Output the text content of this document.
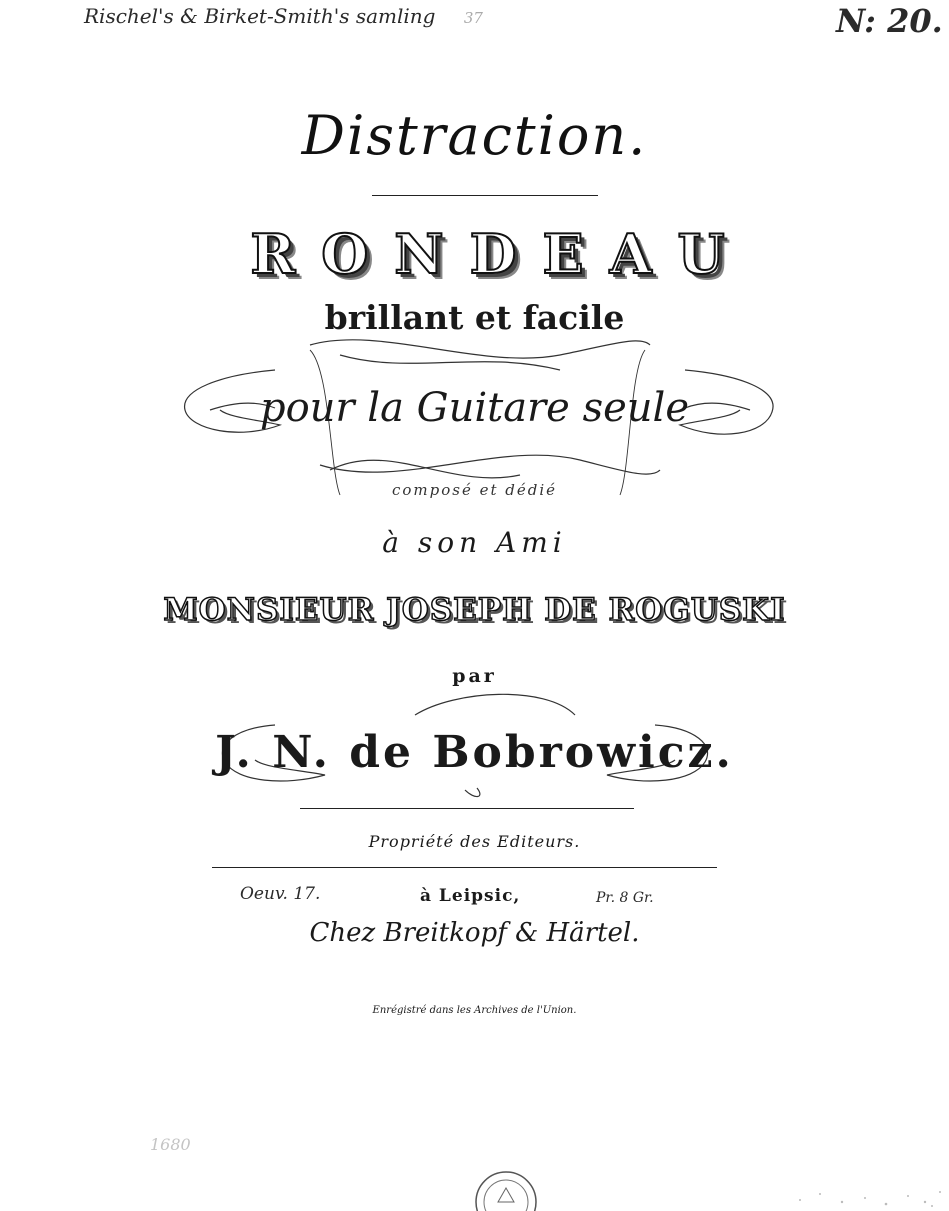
Rischel's & Birket-Smith's samling 37	N: 20.
Distraction.
RONDEAU
brillant et facile
pour la Guitare seule
composé et dédié
à son Ami
MONSIEUR JOSEPH DE ROGUSKI
par
J. N. de Bobrowicz.
Propriété des Editeurs.
Oeuv. 17.	à Leipsic,	Pr. 8 Gr.
Chez Breitkopf & Härtel.
Enrégistré dans les Archives de l'Union.
1680
